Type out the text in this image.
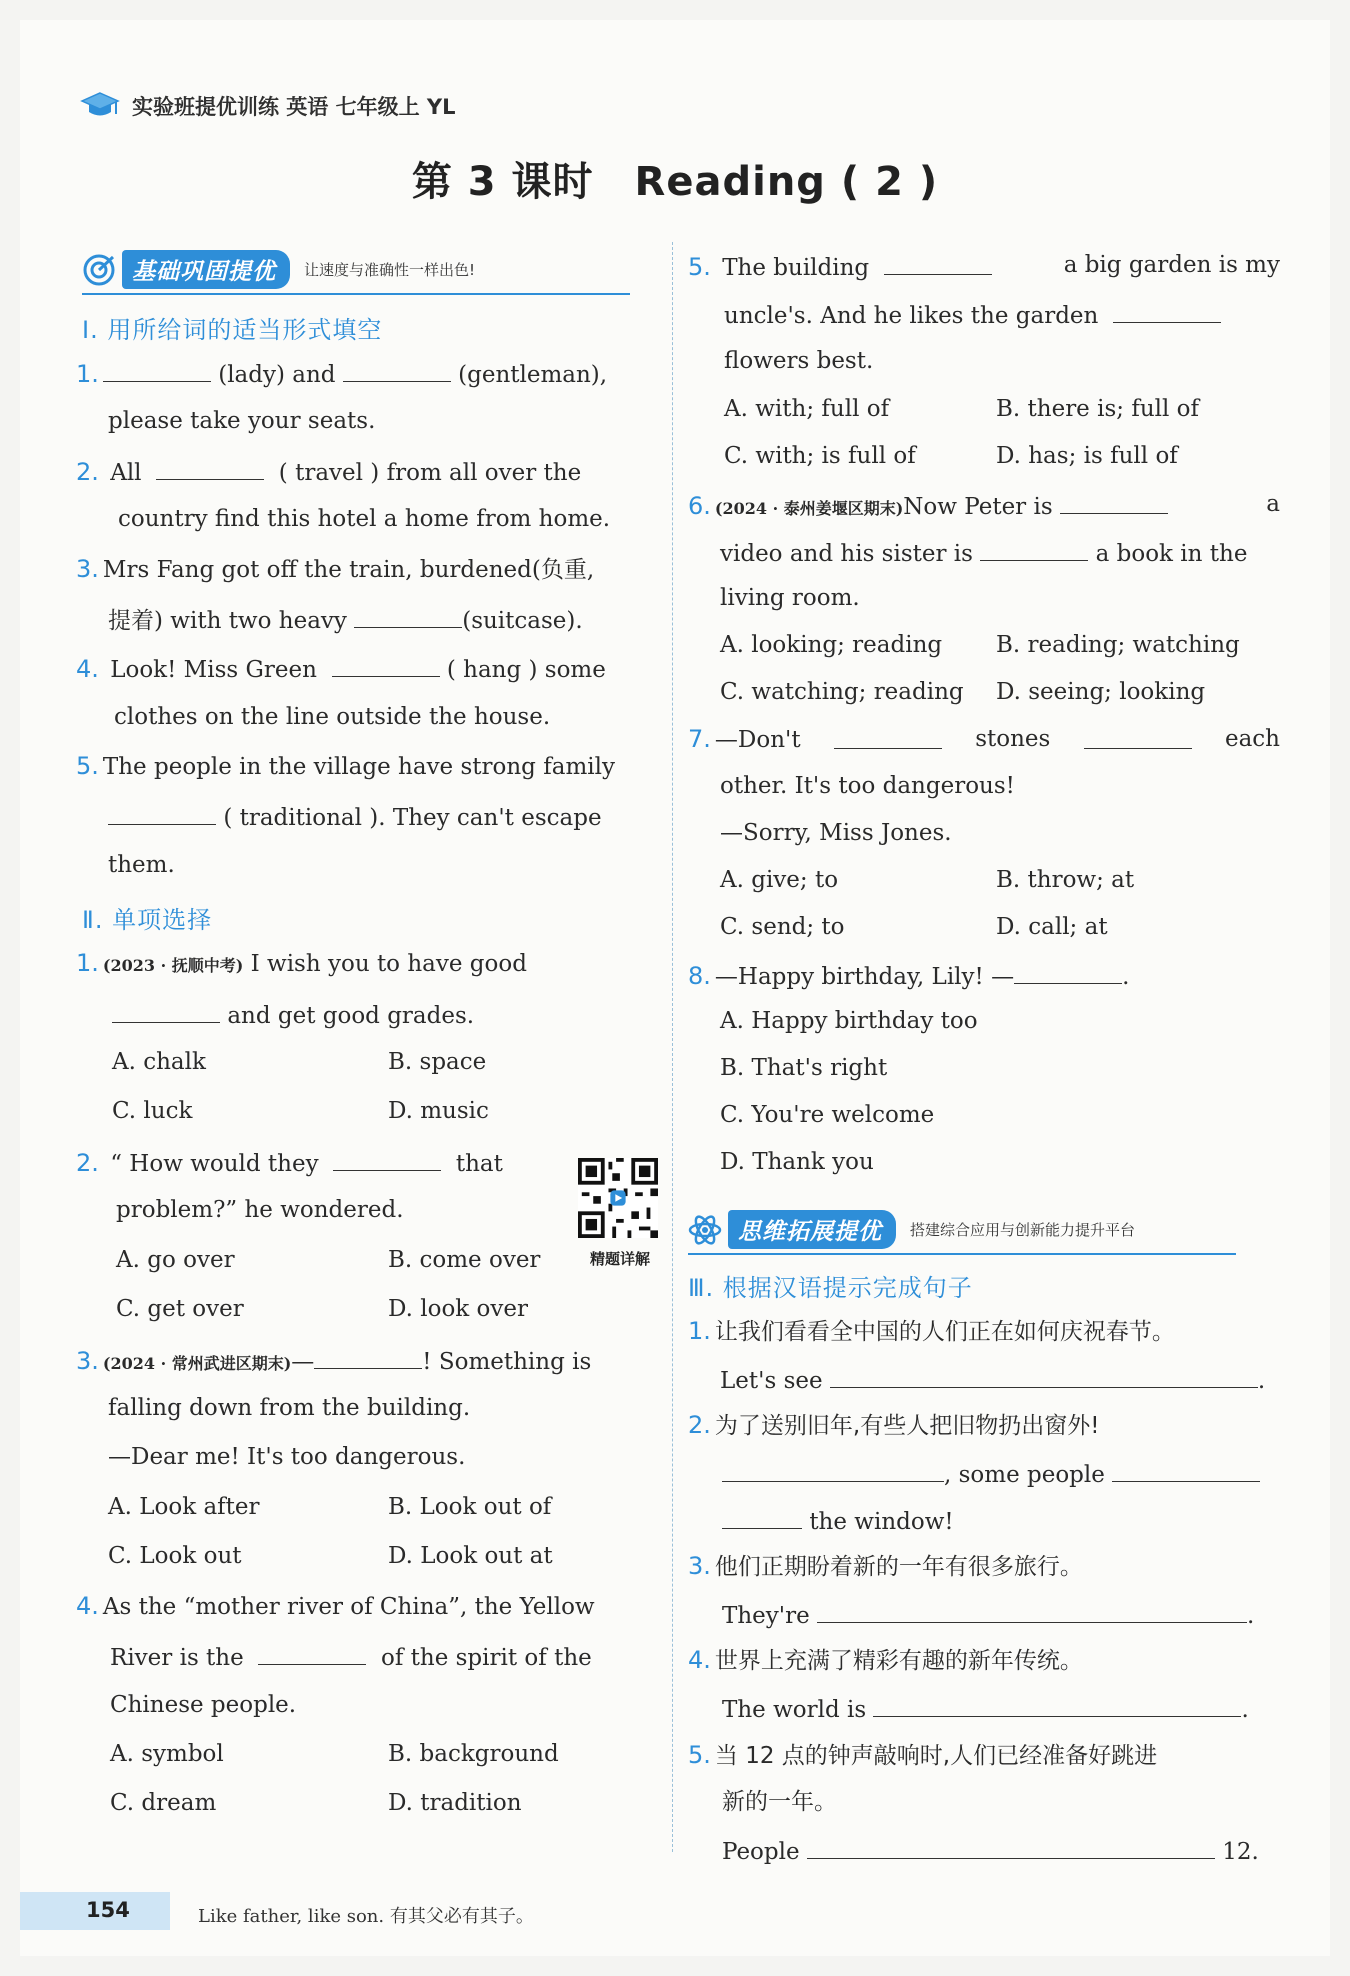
实验班提优训练 英语 七年级上 YL
第 3 课时　Reading ( 2 )
基础巩固提优	让速度与准确性一样出色!
Ⅰ. 用所给词的适当形式填空
1.	(lady) and	(gentleman),
please take your seats.
2. All	( travel ) from all over the
country find this hotel a home from home.
3. Mrs Fang got off the train, burdened(负重,
提着) with two heavy	(suitcase).
4. Look! Miss Green	( hang ) some
clothes on the line outside the house.
5. The people in the village have strong family
( traditional ). They can't escape
them.
Ⅱ. 单项选择
1. (2023 · 抚顺中考) I wish you to have good
and get good grades.
A. chalk	B. space
C. luck	D. music
2. “ How would they	that
problem?” he wondered.
A. go over	B. come over
C. get over	D. look over
3. (2024 · 常州武进区期末)—	! Something is
falling down from the building.
—Dear me! It's too dangerous.
A. Look after	B. Look out of
C. Look out	D. Look out at
4. As the “mother river of China”, the Yellow
River is the	of the spirit of the
Chinese people.
A. symbol	B. background
C. dream	D. tradition
精题详解
5. The building	a big garden is my
uncle's. And he likes the garden
flowers best.
A. with; full of	B. there is; full of
C. with; is full of	D. has; is full of
6. (2024 · 泰州姜堰区期末)Now Peter is	a
video and his sister is	a book in the
living room.
A. looking; reading B. reading; watching
C. watching; reading D. seeing; looking
7. —Don't	stones	each
other. It's too dangerous!
—Sorry, Miss Jones.
A. give; to	B. throw; at
C. send; to	D. call; at
8. —Happy birthday, Lily! —	.
A. Happy birthday too
B. That's right
C. You're welcome
D. Thank you
思维拓展提优	搭建综合应用与创新能力提升平台
Ⅲ. 根据汉语提示完成句子
1. 让我们看看全中国的人们正在如何庆祝春节。
Let's see	.
2. 为了送别旧年,有些人把旧物扔出窗外!
, some people
the window!
3. 他们正期盼着新的一年有很多旅行。
They're	.
4. 世界上充满了精彩有趣的新年传统。
The world is	.
5. 当 12 点的钟声敲响时,人们已经准备好跳进
新的一年。
People	12.
154	Like father, like son. 有其父必有其子。
